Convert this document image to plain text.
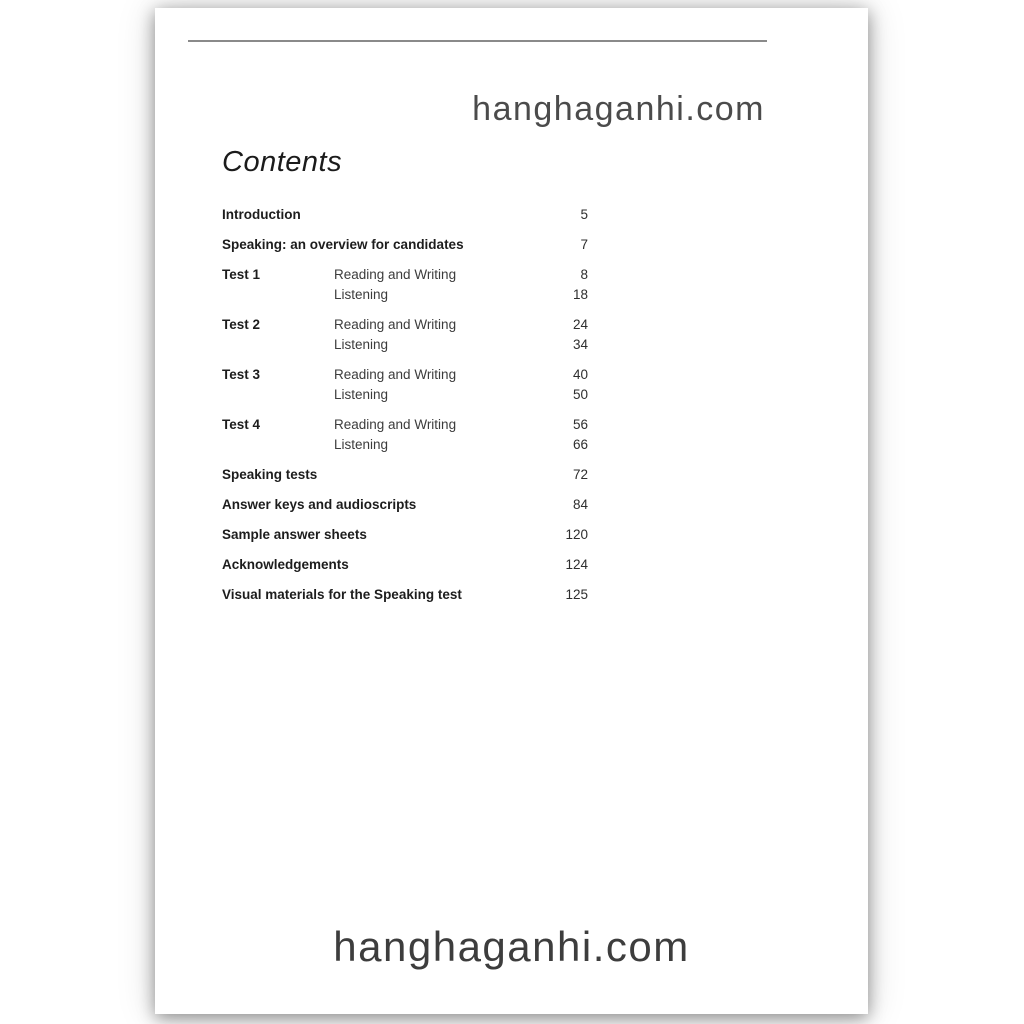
hanghaganhi.com
Contents
Introduction	5
Speaking: an overview for candidates	7
Test 1	Reading and Writing	8
Listening	18
Test 2	Reading and Writing	24
Listening	34
Test 3	Reading and Writing	40
Listening	50
Test 4	Reading and Writing	56
Listening	66
Speaking tests	72
Answer keys and audioscripts	84
Sample answer sheets	120
Acknowledgements	124
Visual materials for the Speaking test	125
hanghaganhi.com
